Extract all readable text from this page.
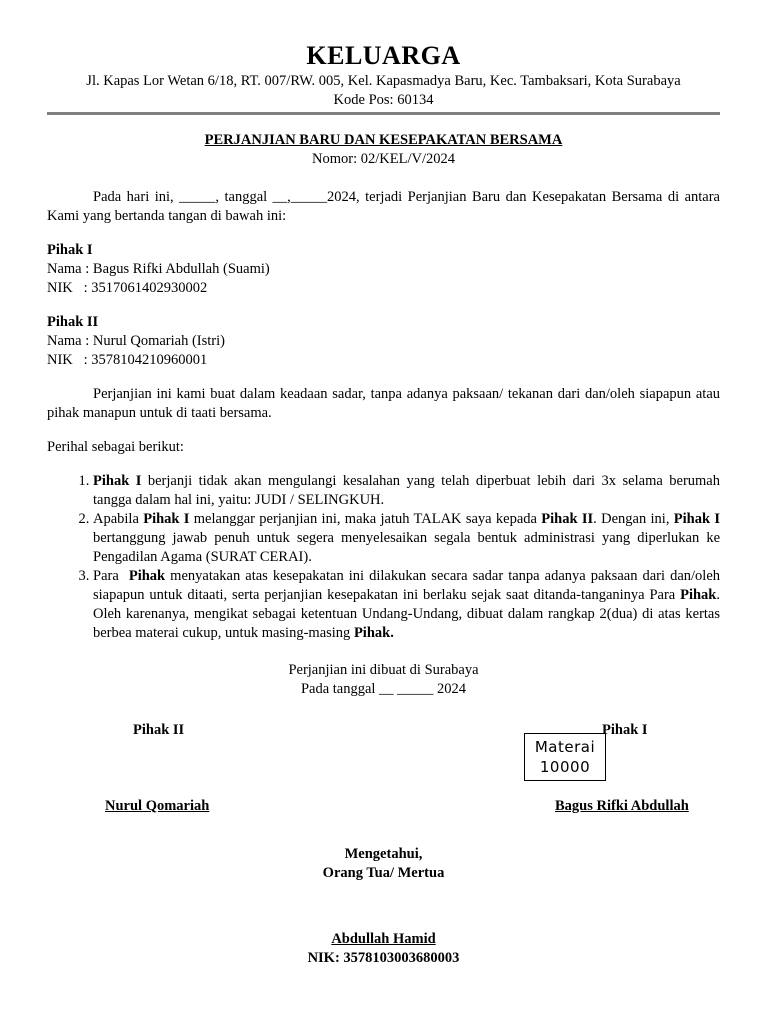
KELUARGA
Jl. Kapas Lor Wetan 6/18, RT. 007/RW. 005, Kel. Kapasmadya Baru, Kec. Tambaksari, Kota Surabaya
Kode Pos: 60134
PERJANJIAN BARU DAN KESEPAKATAN BERSAMA
Nomor: 02/KEL/V/2024
Pada hari ini, _____, tanggal __,_____2024, terjadi Perjanjian Baru dan Kesepakatan Bersama di antara Kami yang bertanda tangan di bawah ini:
Pihak I
Nama : Bagus Rifki Abdullah (Suami)
NIK   : 3517061402930002
Pihak II
Nama : Nurul Qomariah (Istri)
NIK   : 3578104210960001
Perjanjian ini kami buat dalam keadaan sadar, tanpa adanya paksaan/ tekanan dari dan/oleh siapapun atau pihak manapun untuk di taati bersama.
Perihal sebagai berikut:
1. Pihak I berjanji tidak akan mengulangi kesalahan yang telah diperbuat lebih dari 3x selama berumah tangga dalam hal ini, yaitu: JUDI / SELINGKUH.
2. Apabila Pihak I melanggar perjanjian ini, maka jatuh TALAK saya kepada Pihak II. Dengan ini, Pihak I bertanggung jawab penuh untuk segera menyelesaikan segala bentuk administrasi yang diperlukan ke Pengadilan Agama (SURAT CERAI).
3. Para  Pihak menyatakan atas kesepakatan ini dilakukan secara sadar tanpa adanya paksaan dari dan/oleh siapapun untuk ditaati, serta perjanjian kesepakatan ini berlaku sejak saat ditanda-tanganinya Para Pihak. Oleh karenanya, mengikat sebagai ketentuan Undang-Undang, dibuat dalam rangkap 2(dua) di atas kertas berbea materai cukup, untuk masing-masing Pihak.
Perjanjian ini dibuat di Surabaya
Pada tanggal __ _____ 2024
Pihak II	Pihak I
Materai
10000
Nurul Qomariah	Bagus Rifki Abdullah
Mengetahui,
Orang Tua/ Mertua
Abdullah Hamid
NIK: 3578103003680003
